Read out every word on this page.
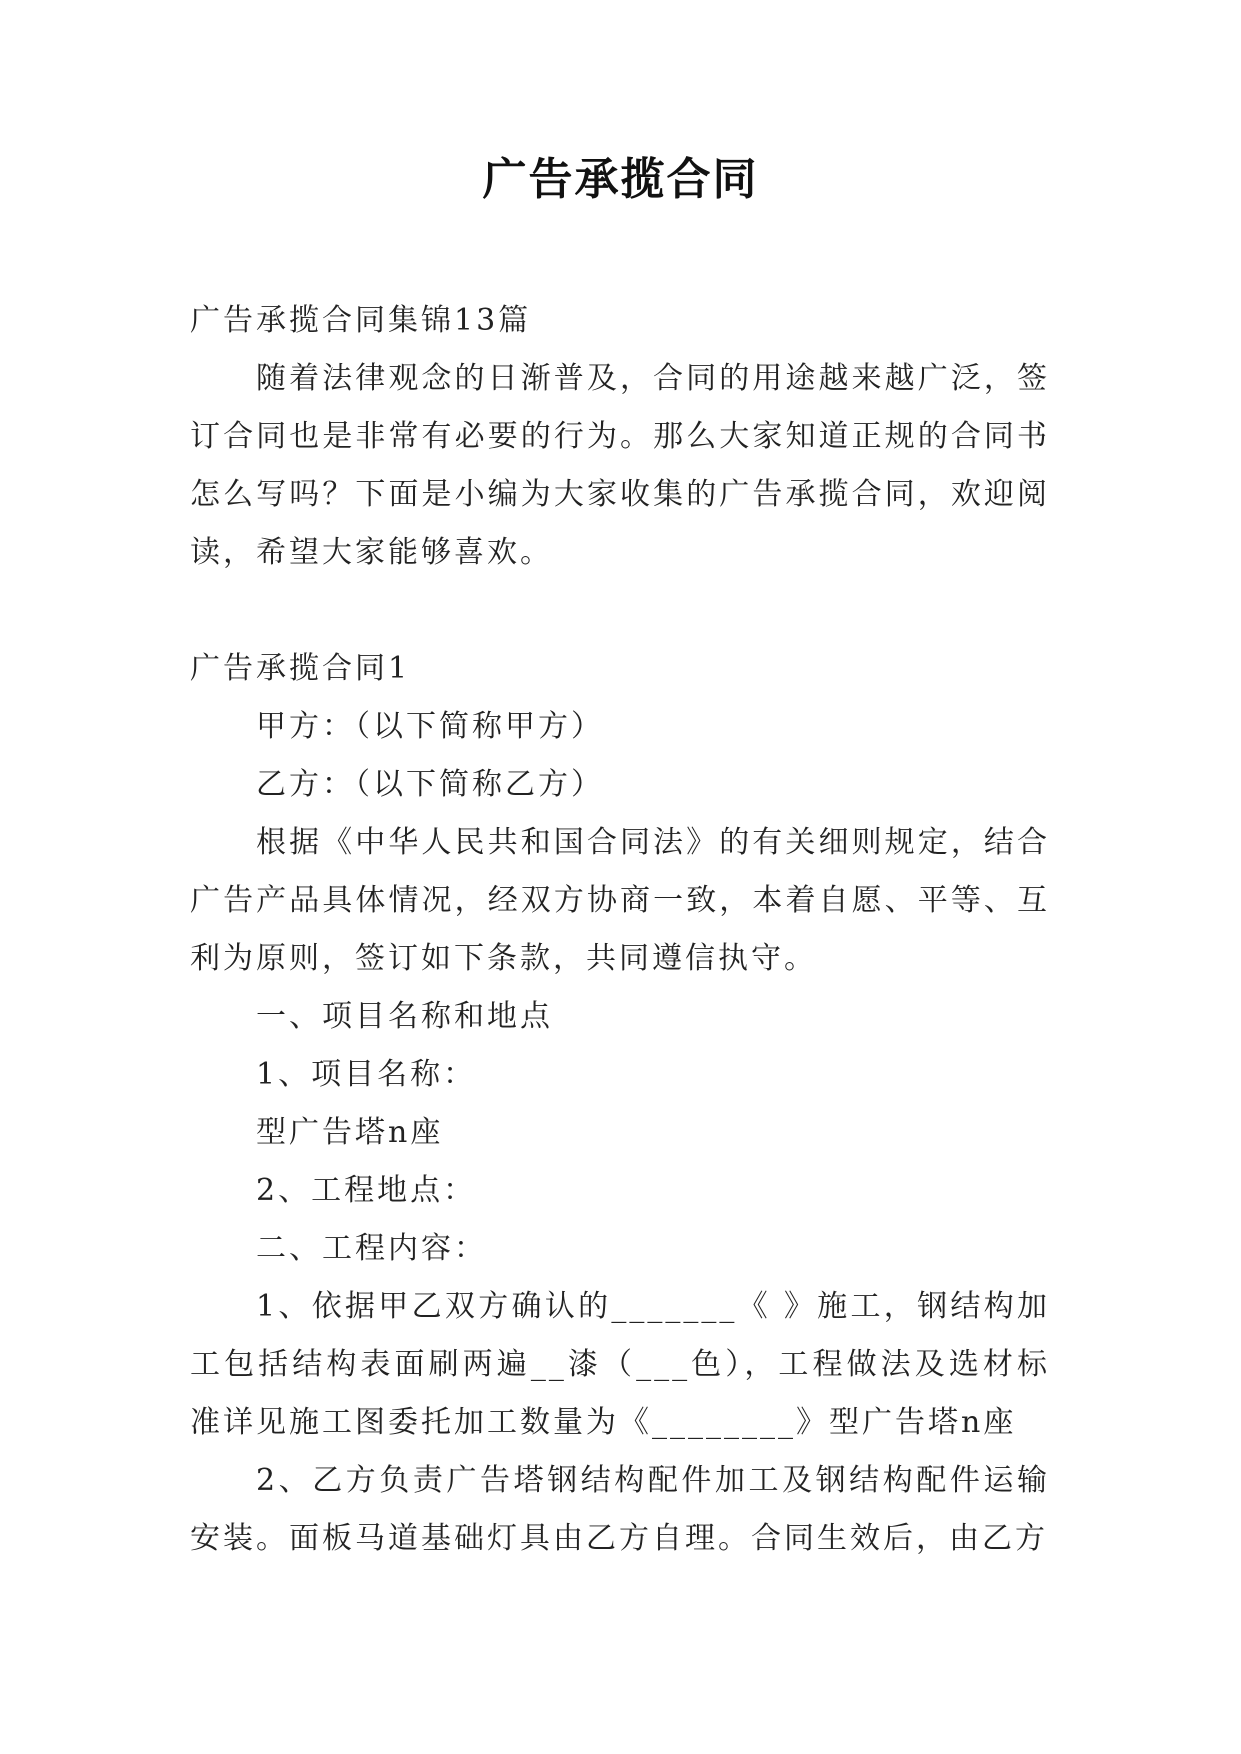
广告承揽合同

广告承揽合同集锦13篇

随着法律观念的日渐普及，合同的用途越来越广泛，签订合同也是非常有必要的行为。那么大家知道正规的合同书怎么写吗？下面是小编为大家收集的广告承揽合同，欢迎阅读，希望大家能够喜欢。

广告承揽合同1

甲方：（以下简称甲方）

乙方：（以下简称乙方）

根据《中华人民共和国合同法》的有关细则规定，结合广告产品具体情况，经双方协商一致，本着自愿、平等、互利为原则，签订如下条款，共同遵信执守。

一、项目名称和地点

1、项目名称：

型广告塔n座

2、工程地点：

二、工程内容：

1、依据甲乙双方确认的_______《 》施工，钢结构加工包括结构表面刷两遍__漆（___色），工程做法及选材标准详见施工图委托加工数量为《________》型广告塔n座

2、乙方负责广告塔钢结构配件加工及钢结构配件运输安装。面板马道基础灯具由乙方自理。合同生效后，由乙方
